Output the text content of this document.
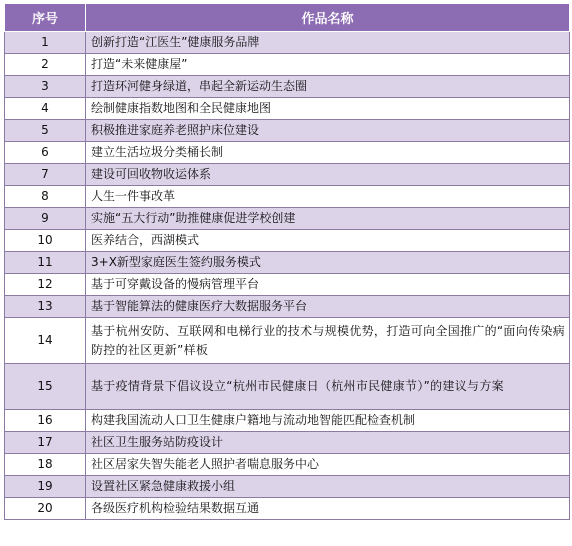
序号	作品名称
1	创新打造“江医生”健康服务品牌
2	打造“未来健康屋”
3	打造环河健身绿道，串起全新运动生态圈
4	绘制健康指数地图和全民健康地图
5	积极推进家庭养老照护床位建设
6	建立生活垃圾分类桶长制
7	建设可回收物收运体系
8	人生一件事改革
9	实施“五大行动”助推健康促进学校创建
10	医养结合，西湖模式
11	3+X新型家庭医生签约服务模式
12	基于可穿戴设备的慢病管理平台
13	基于智能算法的健康医疗大数据服务平台
14	基于杭州安防、互联网和电梯行业的技术与规模优势，打造可向全国推广的“面向传染病防控的社区更新”样板
15	基于疫情背景下倡议设立“杭州市民健康日（杭州市民健康节）”的建议与方案
16	构建我国流动人口卫生健康户籍地与流动地智能匹配检查机制
17	社区卫生服务站防疫设计
18	社区居家失智失能老人照护者喘息服务中心
19	设置社区紧急健康救援小组
20	各级医疗机构检验结果数据互通
